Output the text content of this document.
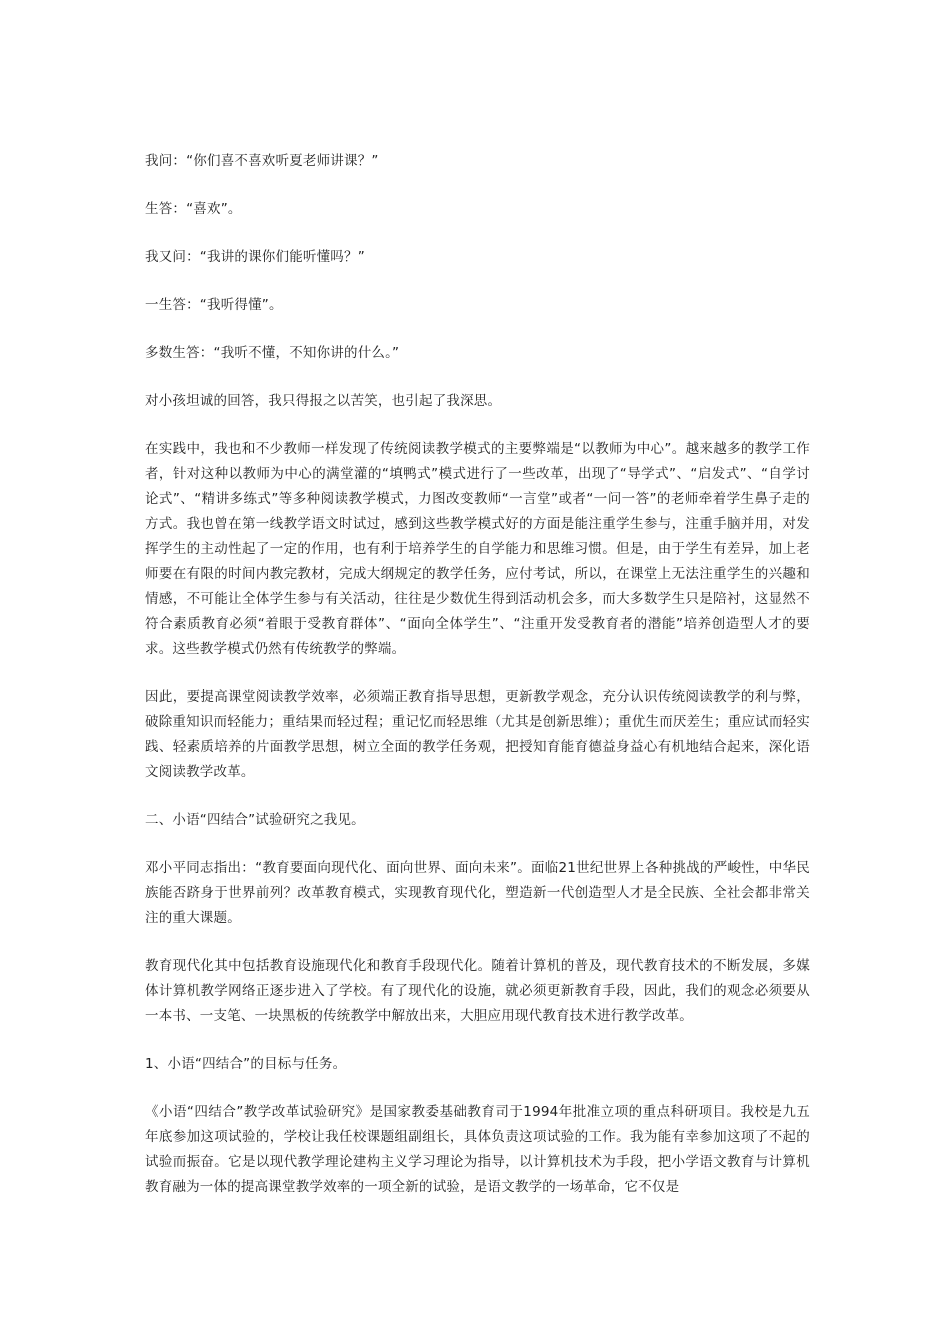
我问：“你们喜不喜欢听夏老师讲课？”

生答：“喜欢”。

我又问：“我讲的课你们能听懂吗？”

一生答：“我听得懂”。

多数生答：“我听不懂，不知你讲的什么。”

对小孩坦诚的回答，我只得报之以苦笑，也引起了我深思。

在实践中，我也和不少教师一样发现了传统阅读教学模式的主要弊端是“以教师为中心”。越来越多的教学工作者，针对这种以教师为中心的满堂灌的“填鸭式”模式进行了一些改革，出现了“导学式”、“启发式”、“自学讨论式”、“精讲多练式”等多种阅读教学模式，力图改变教师“一言堂”或者“一问一答”的老师牵着学生鼻子走的方式。我也曾在第一线教学语文时试过，感到这些教学模式好的方面是能注重学生参与，注重手脑并用，对发挥学生的主动性起了一定的作用，也有利于培养学生的自学能力和思维习惯。但是，由于学生有差异，加上老师要在有限的时间内教完教材，完成大纲规定的教学任务，应付考试，所以，在课堂上无法注重学生的兴趣和情感，不可能让全体学生参与有关活动，往往是少数优生得到活动机会多，而大多数学生只是陪衬，这显然不符合素质教育必须“着眼于受教育群体”、“面向全体学生”、“注重开发受教育者的潜能”培养创造型人才的要求。这些教学模式仍然有传统教学的弊端。

因此，要提高课堂阅读教学效率，必须端正教育指导思想，更新教学观念，充分认识传统阅读教学的利与弊，破除重知识而轻能力；重结果而轻过程；重记忆而轻思维（尤其是创新思维）；重优生而厌差生；重应试而轻实践、轻素质培养的片面教学思想，树立全面的教学任务观，把授知育能育德益身益心有机地结合起来，深化语文阅读教学改革。

二、小语“四结合”试验研究之我见。

邓小平同志指出：“教育要面向现代化、面向世界、面向未来”。面临21世纪世界上各种挑战的严峻性，中华民族能否跻身于世界前列？改革教育模式，实现教育现代化，塑造新一代创造型人才是全民族、全社会都非常关注的重大课题。

教育现代化其中包括教育设施现代化和教育手段现代化。随着计算机的普及，现代教育技术的不断发展，多媒体计算机教学网络正逐步进入了学校。有了现代化的设施，就必须更新教育手段，因此，我们的观念必须要从一本书、一支笔、一块黑板的传统教学中解放出来，大胆应用现代教育技术进行教学改革。

1、小语“四结合”的目标与任务。

《小语“四结合”教学改革试验研究》是国家教委基础教育司于1994年批准立项的重点科研项目。我校是九五年底参加这项试验的，学校让我任校课题组副组长，具体负责这项试验的工作。我为能有幸参加这项了不起的试验而振奋。它是以现代教学理论建构主义学习理论为指导，以计算机技术为手段，把小学语文教育与计算机教育融为一体的提高课堂教学效率的一项全新的试验，是语文教学的一场革命，它不仅是
